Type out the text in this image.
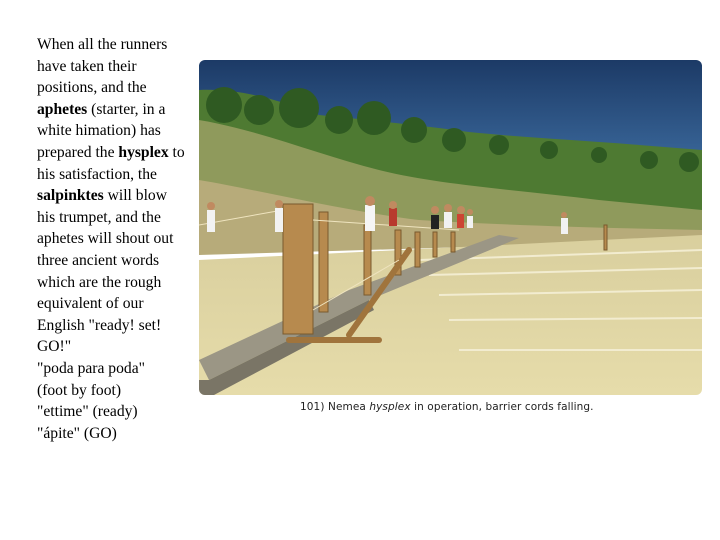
When all the runners have taken their positions, and the aphetes (starter, in a white himation) has prepared the hysplex to his satisfaction, the salpinktes will blow his trumpet, and the aphetes will shout out three ancient words which are the rough equivalent of our English "ready! set! GO!"
"poda para poda"
(foot by foot)
"ettime" (ready)
"ápite" (GO)
101) Nemea hysplex in operation, barrier cords falling.
